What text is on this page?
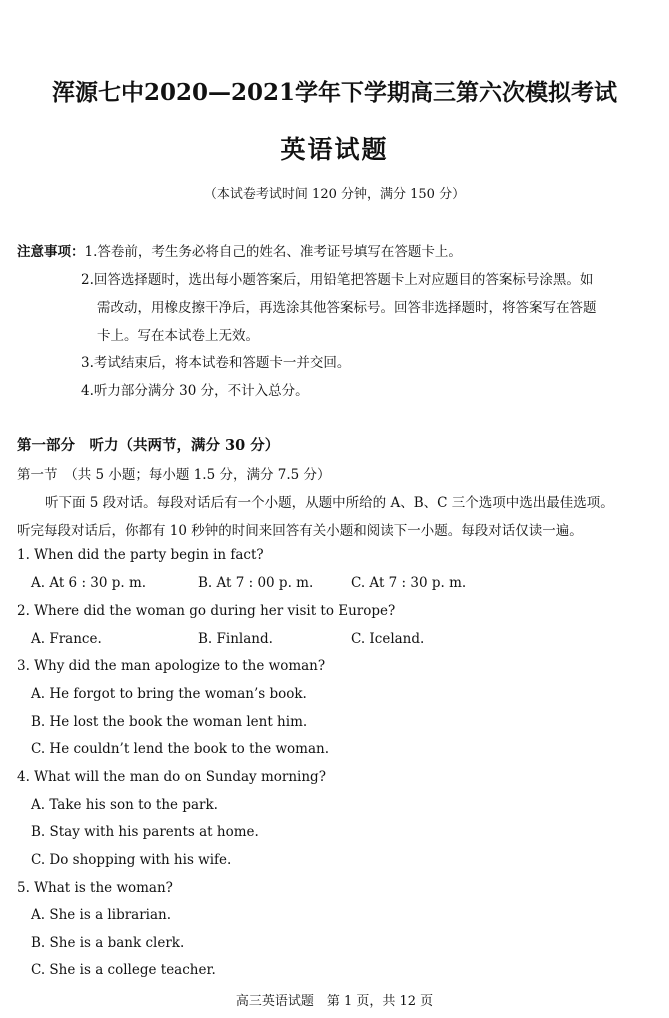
浑源七中2020—2021学年下学期高三第六次模拟考试
英语试题
（本试卷考试时间 120 分钟，满分 150 分）
注意事项：1.答卷前，考生务必将自己的姓名、准考证号填写在答题卡上。
2.回答选择题时，选出每小题答案后，用铅笔把答题卡上对应题目的答案标号涂黑。如
需改动，用橡皮擦干净后，再选涂其他答案标号。回答非选择题时，将答案写在答题
卡上。写在本试卷上无效。
3.考试结束后，将本试卷和答题卡一并交回。
4.听力部分满分 30 分，不计入总分。
第一部分　听力（共两节，满分 30 分）
第一节　（共 5 小题；每小题 1.5 分，满分 7.5 分）
听下面 5 段对话。每段对话后有一个小题，从题中所给的 A、B、C 三个选项中选出最佳选项。
听完每段对话后，你都有 10 秒钟的时间来回答有关小题和阅读下一小题。每段对话仅读一遍。
1. When did the party begin in fact?
A. At 6 : 30 p. m.	B. At 7 : 00 p. m.	C. At 7 : 30 p. m.
2. Where did the woman go during her visit to Europe?
A. France.	B. Finland.	C. Iceland.
3. Why did the man apologize to the woman?
A. He forgot to bring the woman’s book.
B. He lost the book the woman lent him.
C. He couldn’t lend the book to the woman.
4. What will the man do on Sunday morning?
A. Take his son to the park.
B. Stay with his parents at home.
C. Do shopping with his wife.
5. What is the woman?
A. She is a librarian.
B. She is a bank clerk.
C. She is a college teacher.
高三英语试题　第 1 页，共 12 页
